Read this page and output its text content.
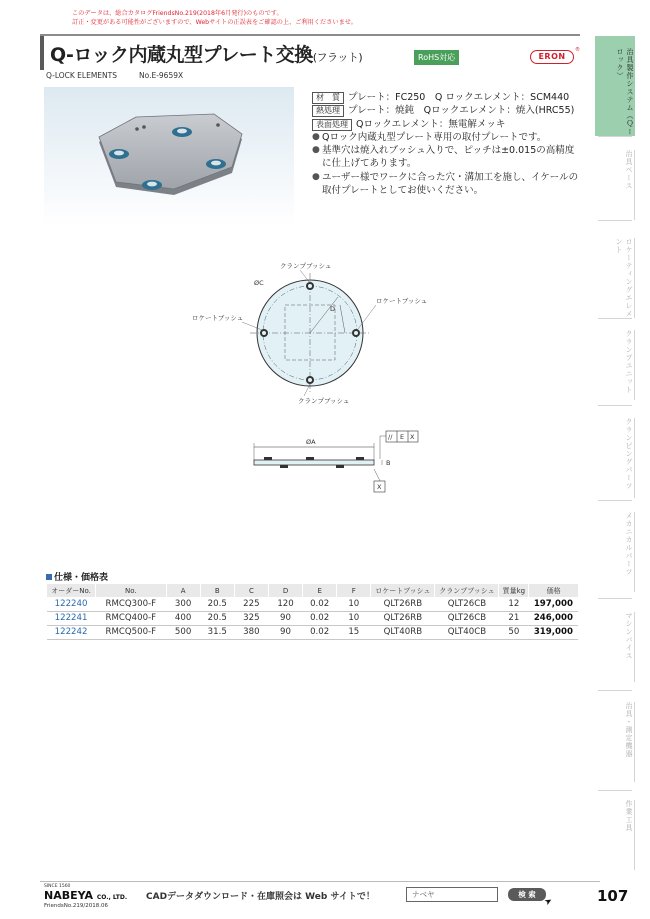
このデータは、総合カタログFriendsNo.219(2018年6月発行)のものです。
訂正・変更がある可能性がございますので、Webサイトの正誤表をご確認の上、ご利用くださいませ。
Q-ロック内蔵丸型プレート交換(フラット)	RoHS対応	ERON
®
Q-LOCK ELEMENTS	No.E-9659X
材　質 プレート：FC250　Q ロックエレメント：SCM440
熱処理 プレート：焼鈍　Qロックエレメント：焼入(HRC55)
表面処理 Qロックエレメント：無電解メッキ
● Qロック内蔵丸型プレート専用の取付プレートです。
● 基準穴は焼入れブッシュ入りで、ピッチは±0.015の高精度
に仕上げてあります。
● ユーザー様でワークに合った穴・溝加工を施し、イケールの
取付プレートとしてお使いください。
クランプブッシュ
ØC
D
ロケートブッシュ
ロケートブッシュ
クランプブッシュ
ØA
B
// E X
X
仕様・価格表
オーダーNo.	No.	A	B	C	D	E	F	ロケートブッシュ	クランプブッシュ	質量kg	価格
122240	RMCQ300-F	300	20.5	225	120	0.02	10	QLT26RB	QLT26CB	12	197,000
122241	RMCQ400-F	400	20.5	325	90	0.02	10	QLT26RB	QLT26CB	21	246,000
122242	RMCQ500-F	500	31.5	380	90	0.02	15	QLT40RB	QLT40CB	50	319,000
治具製作システム（Ｑーロック）
治具ベース
ロケーティングエレメント
クランプユニット
クランピングパーツ
メカニカルパーツ
マシンバイス
治具・測定機器
作業工具
SINCE 1560
NABEYA CO., LTD.
FriendsNo.219/2018.06
CADデータダウンロード・在庫照会は Web サイトで！	ナベヤ	検 索
➤	107
